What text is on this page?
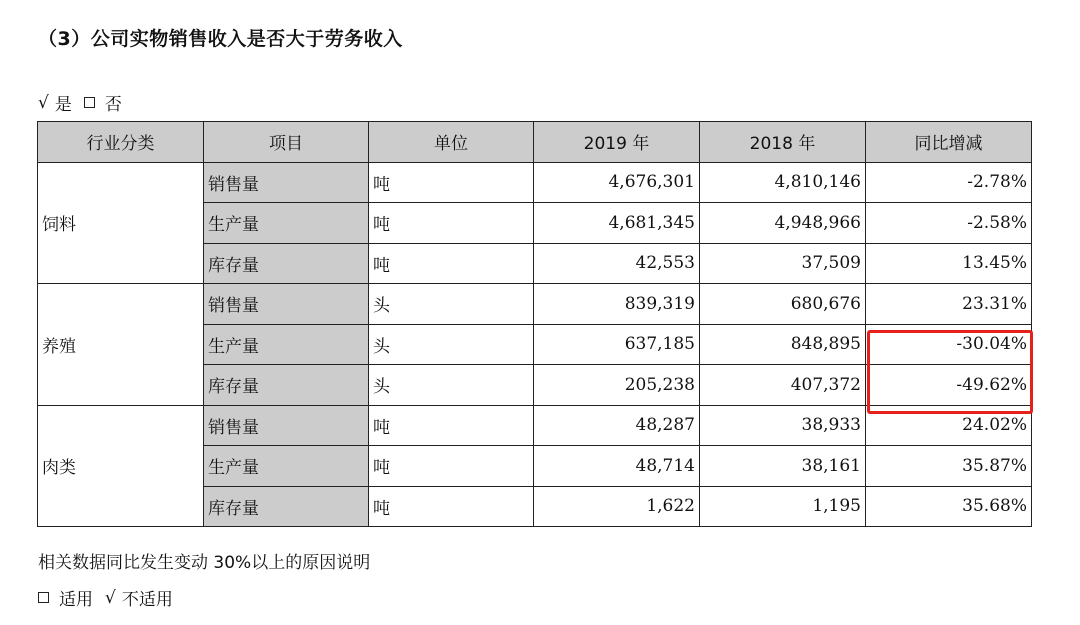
（3）公司实物销售收入是否大于劳务收入
√ 是 否
行业分类	项目	单位	2019 年	2018 年	同比增减
饲料	销售量	吨	4,676,301	4,810,146	-2.78%
	生产量	吨	4,681,345	4,948,966	-2.58%
	库存量	吨	42,553	37,509	13.45%
养殖	销售量	头	839,319	680,676	23.31%
	生产量	头	637,185	848,895	-30.04%
	库存量	头	205,238	407,372	-49.62%
肉类	销售量	吨	48,287	38,933	24.02%
	生产量	吨	48,714	38,161	35.87%
	库存量	吨	1,622	1,195	35.68%
相关数据同比发生变动 30%以上的原因说明
适用 √ 不适用
